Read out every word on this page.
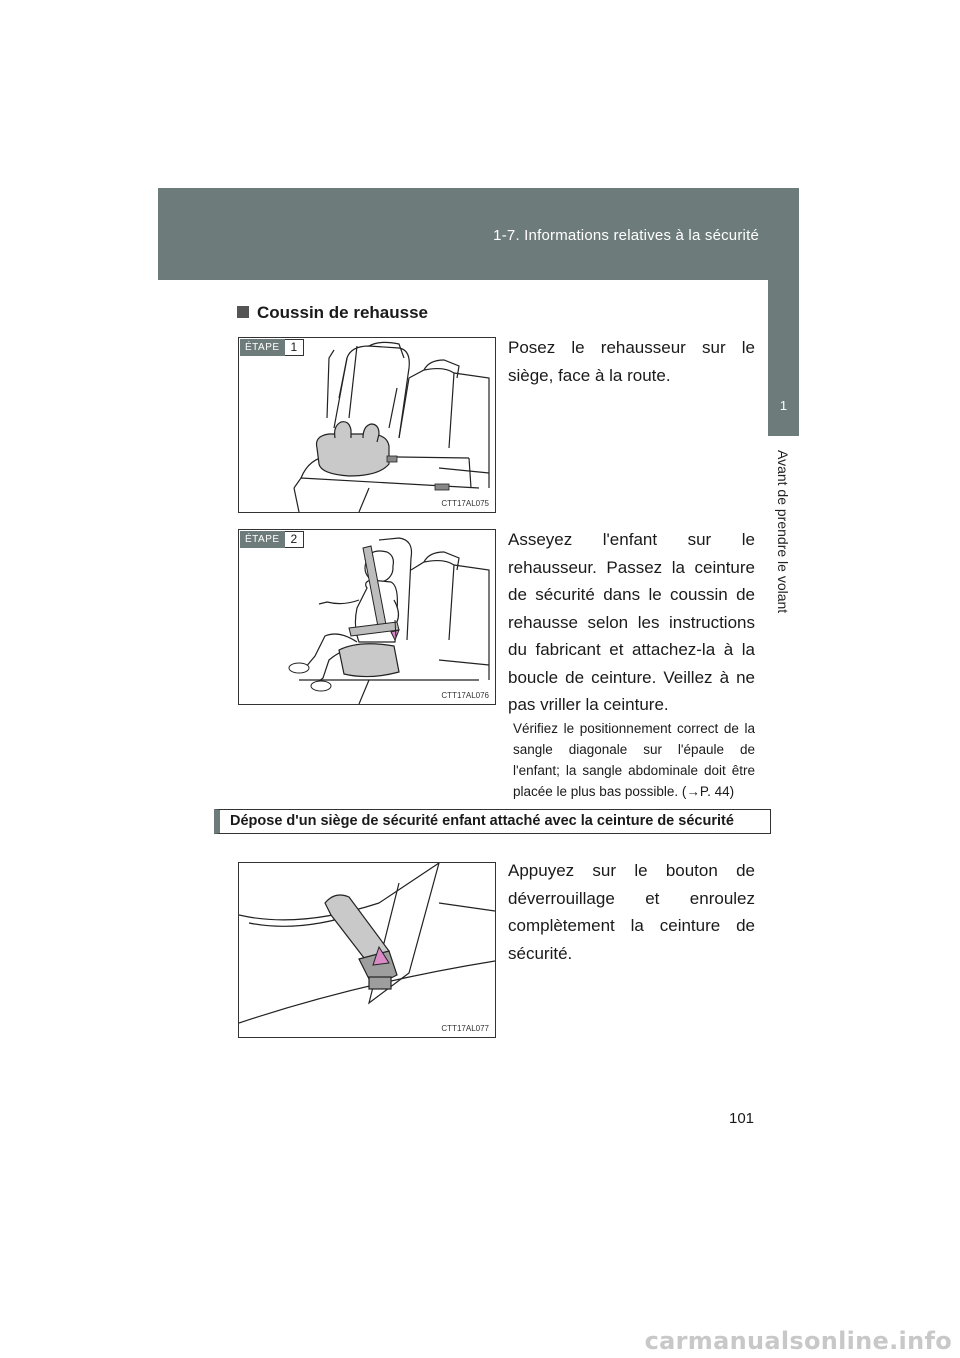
1-7. Informations relatives à la sécurité
1
Avant de prendre le volant
Coussin de rehausse
ÉTAPE 1
CTT17AL075
Posez le rehausseur sur le siège, face à la route.
ÉTAPE 2
CTT17AL076
Asseyez l'enfant sur le rehausseur. Passez la ceinture de sécurité dans le coussin de rehausse selon les instructions du fabricant et attachez-la à la boucle de ceinture. Veillez à ne pas vriller la ceinture.
Vérifiez le positionnement correct de la sangle diagonale sur l'épaule de l'enfant; la sangle abdominale doit être placée le plus bas possible. (→P. 44)
Dépose d'un siège de sécurité enfant attaché avec la ceinture de sécurité
CTT17AL077
Appuyez sur le bouton de déverrouillage et enroulez complètement la ceinture de sécurité.
101
carmanualsonline.info
